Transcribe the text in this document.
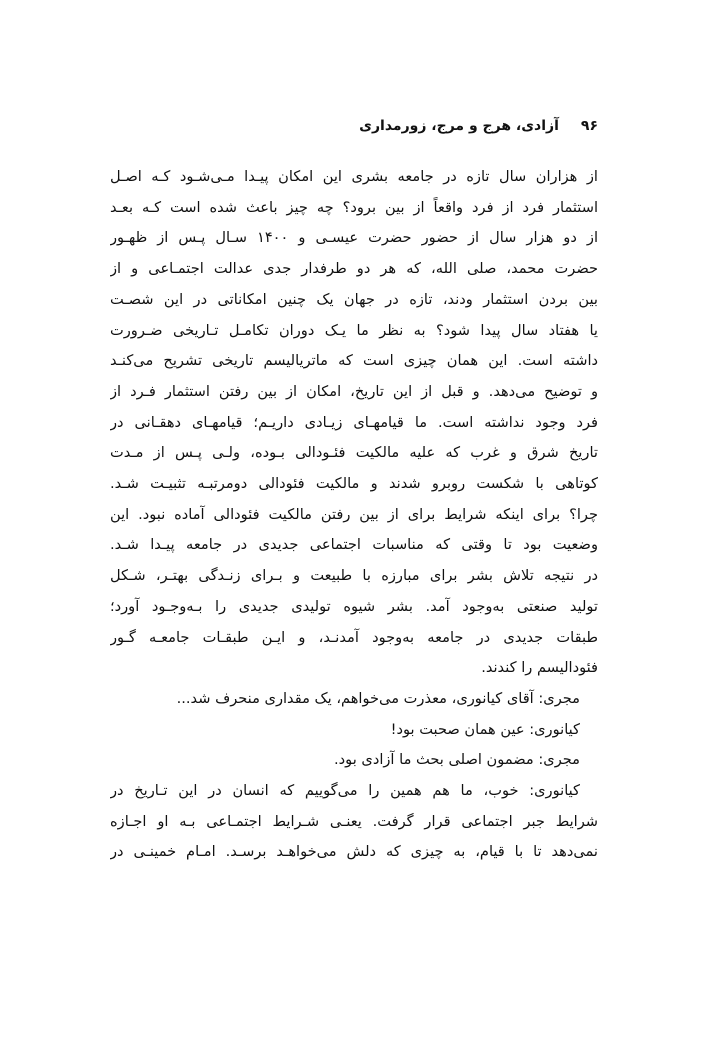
آزادی، هرج و مرج، زورمداری ۹۶
از هزاران سال تازه در جامعه بشری این امکان پیـدا مـی‌شـود کـه اصـل
استثمار فرد از فرد واقعاً از بین برود؟ چه چیز باعث شده است کـه بعـد
از دو هزار سال از حضور حضرت عیسـی و ۱۴۰۰ سـال پـس از ظهـور
حضرت محمد، صلی الله، که هر دو طرفدار جدی عدالت اجتمـاعی و از
بین بردن استثمار ودند، تازه در جهان یک چنین امکاناتی در این شصـت
یا هفتاد سال پیدا شود؟ به نظر ما یـک دوران تکامـل تـاریخی ضـرورت
داشته است. این همان چیزی است که ماتریالیسم تاریخی تشریح می‌کنـد
و توضیح می‌دهد. و قبل از این تاریخ، امکان از بین رفتن استثمار فـرد از
فرد وجود نداشته است. ما قیامهـای زیـادی داریـم؛ قیامهـای دهقـانی در
تاریخ شرق و غرب که علیه مالکیت فئـودالی بـوده، ولـی پـس از مـدت
کوتاهی با شکست روبرو شدند و مالکیت فئودالی دومرتبـه تثبیـت شـد.
چرا؟ برای اینکه شرایط برای از بین رفتن مالکیت فئودالی آماده نبود. این
وضعیت بود تا وقتی که مناسبات اجتماعی جدیدی در جامعه پیـدا شـد.
در نتیجه تلاش بشر برای مبارزه با طبیعت و بـرای زنـدگی بهتـر، شـکل
تولید صنعتی به‌وجود آمد. بشر شیوه تولیدی جدیدی را بـه‌وجـود آورد؛
طبقات جدیدی در جامعه به‌وجود آمدنـد، و ایـن طبقـات جامعـه گـور
فئودالیسم را کندند.
مجری: آقای کیانوری، معذرت می‌خواهم، یک مقداری منحرف شد...
کیانوری: عین همان صحبت بود!
مجری: مضمون اصلی بحث ما آزادی بود.
کیانوری: خوب، ما هم همین را می‌گوییم که انسان در این تـاریخ در
شرایط جبر اجتماعی قرار گرفت. یعنـی شـرایط اجتمـاعی بـه او اجـازه
نمی‌دهد تا با قیام، به چیزی که دلش می‌خواهـد برسـد. امـام خمینـی در
